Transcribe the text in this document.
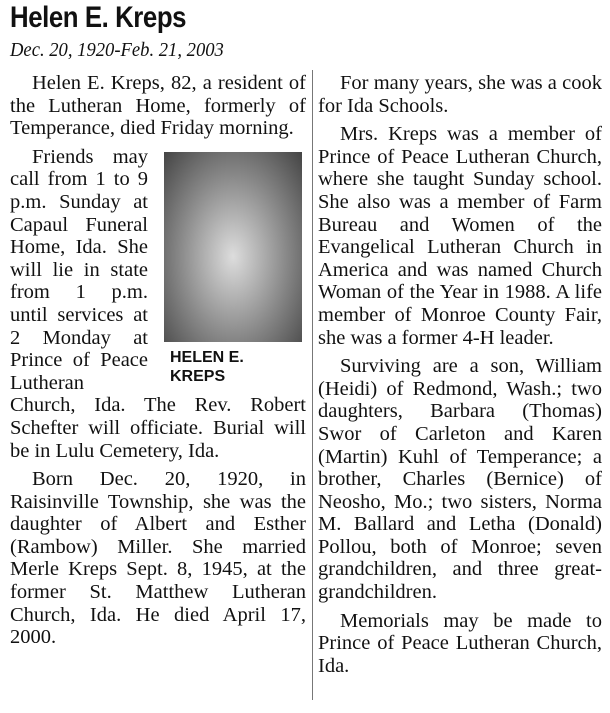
Helen E. Kreps
Dec. 20, 1920-Feb. 21, 2003

Helen E. Kreps, 82, a resident of the Lutheran Home, formerly of Temperance, died Friday morning.

HELEN E.
KREPS

Friends may call from 1 to 9 p.m. Sunday at Capaul Funeral Home, Ida. She will lie in state from 1 p.m. until services at 2 Monday at Prince of Peace Lutheran Church, Ida. The Rev. Robert Schefter will officiate. Burial will be in Lulu Cemetery, Ida.

Born Dec. 20, 1920, in Raisinville Township, she was the daughter of Albert and Esther (Rambow) Miller. She married Merle Kreps Sept. 8, 1945, at the former St. Matthew Lutheran Church, Ida. He died April 17, 2000.

For many years, she was a cook for Ida Schools.

Mrs. Kreps was a member of Prince of Peace Lutheran Church, where she taught Sunday school. She also was a member of Farm Bureau and Women of the Evangelical Lutheran Church in America and was named Church Woman of the Year in 1988. A life member of Monroe County Fair, she was a former 4-H leader.

Surviving are a son, William (Heidi) of Redmond, Wash.; two daughters, Barbara (Thomas) Swor of Carleton and Karen (Martin) Kuhl of Temperance; a brother, Charles (Bernice) of Neosho, Mo.; two sisters, Norma M. Ballard and Letha (Donald) Pollou, both of Monroe; seven grandchildren, and three great-grandchildren.

Memorials may be made to Prince of Peace Lutheran Church, Ida.
